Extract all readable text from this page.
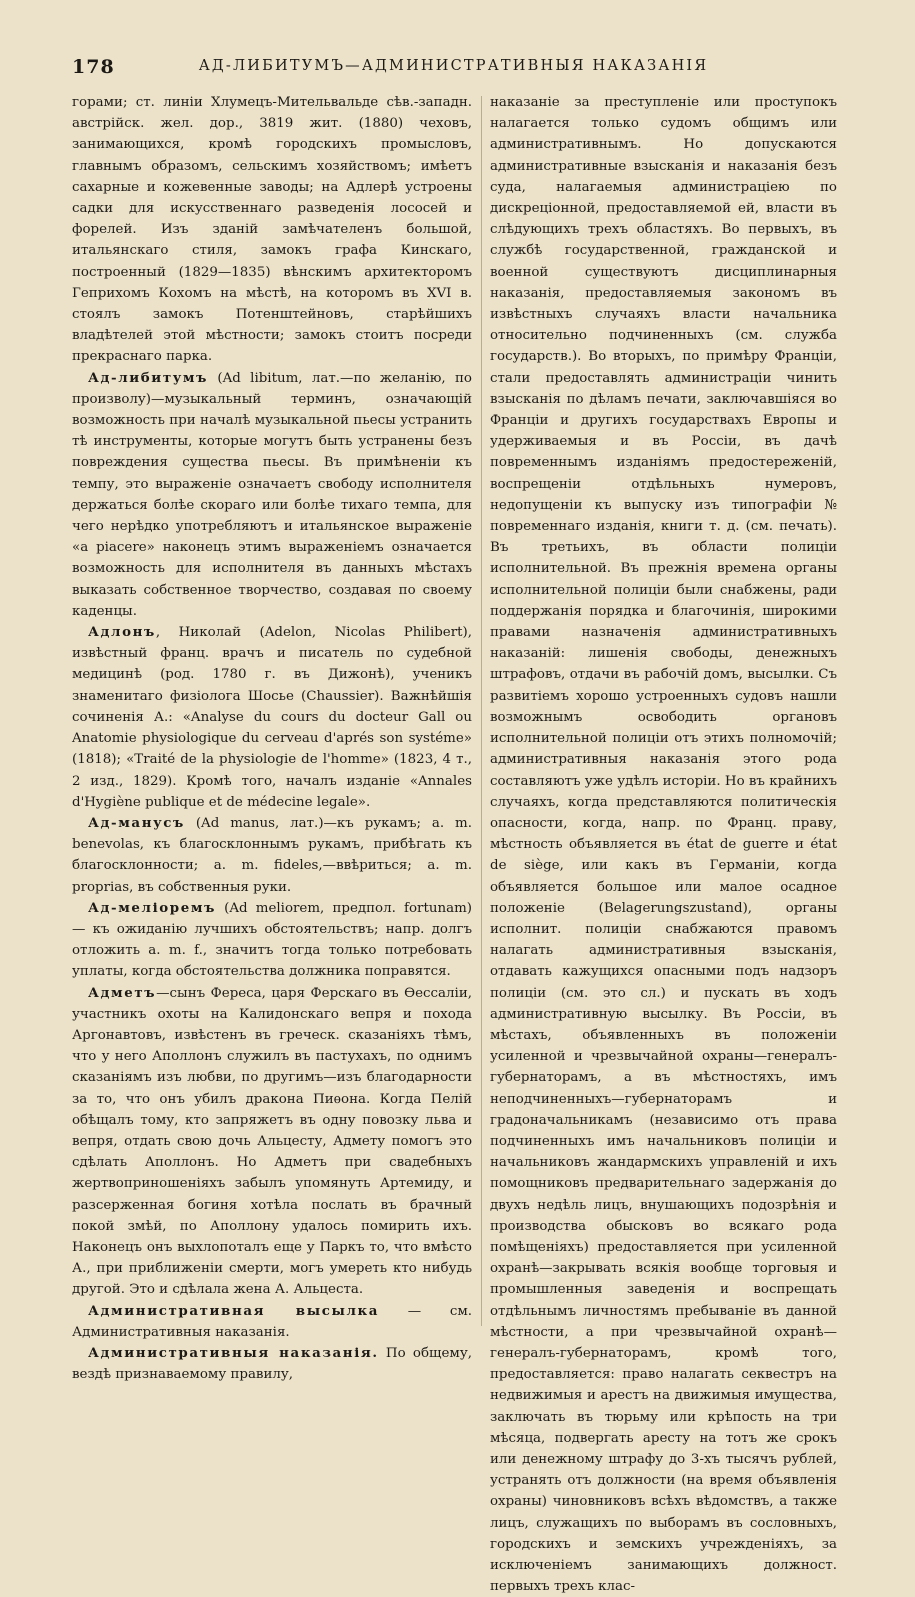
178	АД-ЛИБИТУМЪ—АДМИНИСТРАТИВНЫЯ НАКАЗАНІЯ

горами; ст. линіи Хлумецъ-Мительвальде сѣв.-западн. австрійск. жел. дор., 3819 жит. (1880) чеховъ, занимающихся, кромѣ городскихъ промысловъ, главнымъ образомъ, сельскимъ хозяйствомъ; имѣетъ сахарные и кожевенные заводы; на Адлерѣ устроены садки для искусственнаго разведенія лососей и форелей. Изъ зданій замѣчателенъ большой, итальянскаго стиля, замокъ графа Кинскаго, построенный (1829—1835) вѣнскимъ архитекторомъ Геприхомъ Кохомъ на мѣстѣ, на которомъ въ XVI в. стоялъ замокъ Потенштейновъ, старѣйшихъ владѣтелей этой мѣстности; замокъ стоитъ посреди прекраснаго парка.

Ад-либитумъ (Ad libitum, лат.—по желанію, по произволу)—музыкальный терминъ, означающій возможность при началѣ музыкальной пьесы устранить тѣ инструменты, которые могутъ быть устранены безъ повреждения существа пьесы. Въ примѣненіи къ темпу, это выраженіе означаетъ свободу исполнителя держаться болѣе скораго или болѣе тихаго темпа, для чего нерѣдко употребляютъ и итальянское выраженіе «a piacere» наконецъ этимъ выраженіемъ означается возможность для исполнителя въ данныхъ мѣстахъ выказать собственное творчество, создавая по своему каденцы.

Адлонъ, Николай (Adelon, Nicolas Philibert), извѣстный франц. врачъ и писатель по судебной медицинѣ (род. 1780 г. въ Дижонѣ), ученикъ знаменитаго физіолога Шосье (Chaussier). Важнѣйшія сочиненія А.: «Analyse du cours du docteur Gall ou Anatomie physiologique du cerveau d'aprés son systéme» (1818); «Traité de la physiologie de l'homme» (1823, 4 т., 2 изд., 1829). Кромѣ того, началъ изданіе «Annales d'Hygiène publique et de médecine legale».

Ад-манусъ (Ad manus, лат.)—къ рукамъ; a. m. benevolas, къ благосклоннымъ рукамъ, прибѣгать къ благосклонности; a. m. fideles,—ввѣриться; a. m. proprias, въ собственныя руки.

Ад-меліоремъ (Ad meliorem, предпол. fortunam) — къ ожиданію лучшихъ обстоятельствъ; напр. долгъ отложить a. m. f., значитъ тогда только потребовать уплаты, когда обстоятельства должника поправятся.

Адметъ—сынъ Фереса, царя Ферскаго въ Ѳессаліи, участникъ охоты на Калидонскаго вепря и похода Аргонавтовъ, извѣстенъ въ греческ. сказаніяхъ тѣмъ, что у него Аполлонъ служилъ въ пастухахъ, по однимъ сказаніямъ изъ любви, по другимъ—изъ благодарности за то, что онъ убилъ дракона Пиѳона. Когда Пелій обѣщалъ тому, кто запряжетъ въ одну повозку льва и вепря, отдать свою дочь Альцесту, Адмету помогъ это сдѣлать Аполлонъ. Но Адметъ при свадебныхъ жертвоприношеніяхъ забылъ упомянуть Артемиду, и разсерженная богиня хотѣла послать въ брачный покой змѣй, по Аполлону удалось помирить ихъ. Наконецъ онъ выхлопоталъ еще у Паркъ то, что вмѣсто А., при приближеніи смерти, могъ умереть кто нибудь другой. Это и сдѣлала жена А. Альцеста.

Административная высылка — см. Административныя наказанія.

Административныя наказанія. По общему, вездѣ признаваемому правилу,

наказаніе за преступленіе или проступокъ налагается только судомъ общимъ или административнымъ. Но допускаются административные взысканія и наказанія безъ суда, налагаемыя администраціею по дискреціонной, предоставляемой ей, власти въ слѣдующихъ трехъ областяхъ. Во первыхъ, въ службѣ государственной, гражданской и военной существуютъ дисциплинарныя наказанія, предоставляемыя закономъ въ извѣстныхъ случаяхъ власти начальника относительно подчиненныхъ (см. служба государств.). Во вторыхъ, по примѣру Франціи, стали предоставлять администраціи чинить взысканія по дѣламъ печати, заключавшіяся во Франціи и другихъ государствахъ Европы и удерживаемыя и въ Россіи, въ дачѣ повременнымъ изданіямъ предостереженій, воспрещеніи отдѣльныхъ нумеровъ, недопущеніи къ выпуску изъ типографіи № повременнаго изданія, книги т. д. (см. печать). Въ третьихъ, въ области полиціи исполнительной. Въ прежнія времена органы исполнительной полиціи были снабжены, ради поддержанія порядка и благочинія, широкими правами назначенія административныхъ наказаній: лишенія свободы, денежныхъ штрафовъ, отдачи въ рабочій домъ, высылки. Съ развитіемъ хорошо устроенныхъ судовъ нашли возможнымъ освободить органовъ исполнительной полиціи отъ этихъ полномочій; административныя наказанія этого рода составляютъ уже удѣлъ исторіи. Но въ крайнихъ случаяхъ, когда представляются политическія опасности, когда, напр. по Франц. праву, мѣстность объявляется въ état de guerre и état de siège, или какъ въ Германіи, когда объявляется большое или малое осадное положеніе (Belagerungszustand), органы исполнит. полиціи снабжаются правомъ налагать административныя взысканія, отдавать кажущихся опасными подъ надзоръ полиціи (см. это сл.) и пускать въ ходъ административную высылку. Въ Россіи, въ мѣстахъ, объявленныхъ въ положеніи усиленной и чрезвычайной охраны—генералъ-губернаторамъ, а въ мѣстностяхъ, имъ неподчиненныхъ—губернаторамъ и градоначальникамъ (независимо отъ права подчиненныхъ имъ начальниковъ полиціи и начальниковъ жандармскихъ управленій и ихъ помощниковъ предварительнаго задержанія до двухъ недѣль лицъ, внушающихъ подозрѣнія и производства обысковъ во всякаго рода помѣщеніяхъ) предоставляется при усиленной охранѣ—закрывать всякія вообще торговыя и промышленныя заведенія и воспрещать отдѣльнымъ личностямъ пребываніе въ данной мѣстности, а при чрезвычайной охранѣ—генералъ-губернаторамъ, кромѣ того, предоставляется: право налагать секвестръ на недвижимыя и арестъ на движимыя имущества, заключать въ тюрьму или крѣпость на три мѣсяца, подвергать аресту на тотъ же срокъ или денежному штрафу до 3-хъ тысячъ рублей, устранять отъ должности (на время объявленія охраны) чиновниковъ всѣхъ вѣдомствъ, а также лицъ, служащихъ по выборамъ въ сословныхъ, городскихъ и земскихъ учрежденіяхъ, за исключеніемъ занимающихъ должност. первыхъ трехъ клас-
